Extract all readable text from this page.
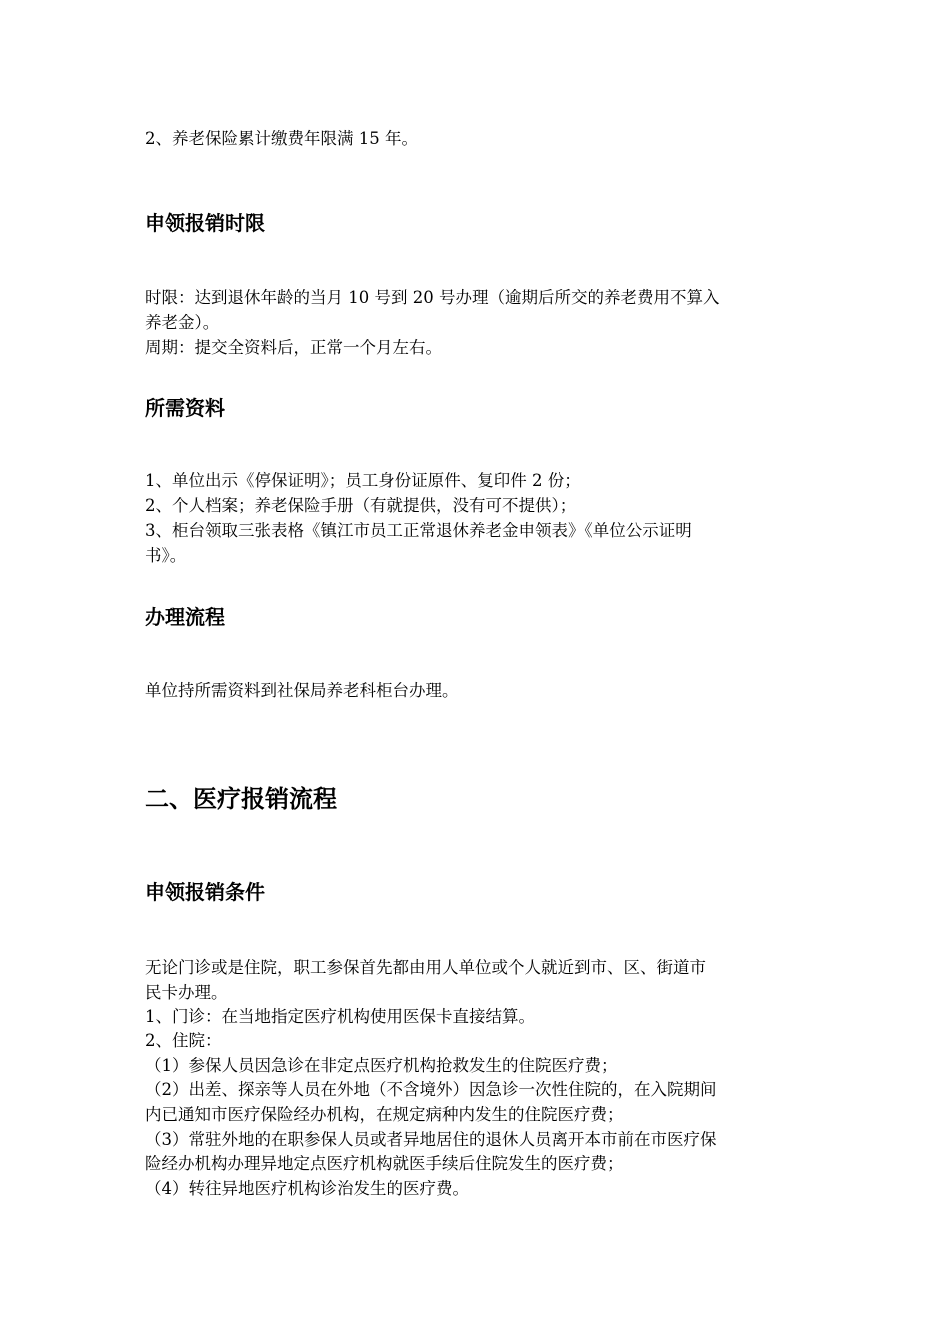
2、养老保险累计缴费年限满 15 年。
申领报销时限
时限：达到退休年龄的当月 10 号到 20 号办理（逾期后所交的养老费用不算入
养老金）。
周期：提交全资料后，正常一个月左右。
所需资料
1、单位出示《停保证明》；员工身份证原件、复印件 2 份；
2、个人档案；养老保险手册（有就提供，没有可不提供）；
3、柜台领取三张表格《镇江市员工正常退休养老金申领表》《单位公示证明
书》。
办理流程
单位持所需资料到社保局养老科柜台办理。
二、医疗报销流程
申领报销条件
无论门诊或是住院，职工参保首先都由用人单位或个人就近到市、区、街道市
民卡办理。
1、门诊：在当地指定医疗机构使用医保卡直接结算。
2、住院：
（1）参保人员因急诊在非定点医疗机构抢救发生的住院医疗费；
（2）出差、探亲等人员在外地（不含境外）因急诊一次性住院的，在入院期间
内已通知市医疗保险经办机构，在规定病种内发生的住院医疗费；
（3）常驻外地的在职参保人员或者异地居住的退休人员离开本市前在市医疗保
险经办机构办理异地定点医疗机构就医手续后住院发生的医疗费；
（4）转往异地医疗机构诊治发生的医疗费。
